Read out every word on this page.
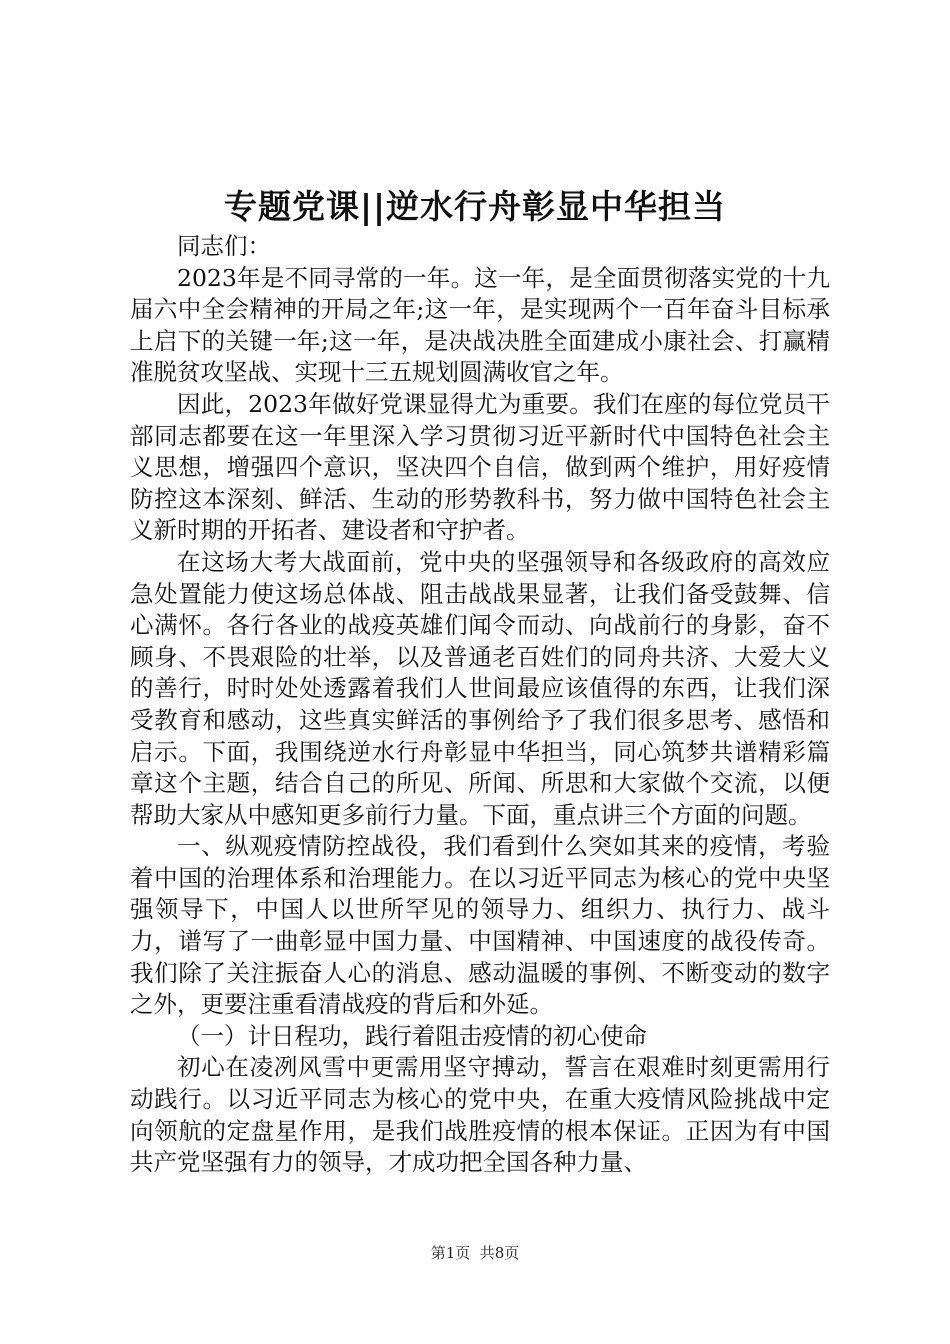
专题党课||逆水行舟彰显中华担当

同志们：

2023年是不同寻常的一年。这一年，是全面贯彻落实党的十九届六中全会精神的开局之年;这一年，是实现两个一百年奋斗目标承上启下的关键一年;这一年，是决战决胜全面建成小康社会、打赢精准脱贫攻坚战、实现十三五规划圆满收官之年。

因此，2023年做好党课显得尤为重要。我们在座的每位党员干部同志都要在这一年里深入学习贯彻习近平新时代中国特色社会主义思想，增强四个意识，坚决四个自信，做到两个维护，用好疫情防控这本深刻、鲜活、生动的形势教科书，努力做中国特色社会主义新时期的开拓者、建设者和守护者。

在这场大考大战面前，党中央的坚强领导和各级政府的高效应急处置能力使这场总体战、阻击战战果显著，让我们备受鼓舞、信心满怀。各行各业的战疫英雄们闻令而动、向战前行的身影，奋不顾身、不畏艰险的壮举，以及普通老百姓们的同舟共济、大爱大义的善行，时时处处透露着我们人世间最应该值得的东西，让我们深受教育和感动，这些真实鲜活的事例给予了我们很多思考、感悟和启示。下面，我围绕逆水行舟彰显中华担当，同心筑梦共谱精彩篇章这个主题，结合自己的所见、所闻、所思和大家做个交流，以便帮助大家从中感知更多前行力量。下面，重点讲三个方面的问题。

一、纵观疫情防控战役，我们看到什么突如其来的疫情，考验着中国的治理体系和治理能力。在以习近平同志为核心的党中央坚强领导下，中国人以世所罕见的领导力、组织力、执行力、战斗力，谱写了一曲彰显中国力量、中国精神、中国速度的战役传奇。我们除了关注振奋人心的消息、感动温暖的事例、不断变动的数字之外，更要注重看清战疫的背后和外延。

（一）计日程功，践行着阻击疫情的初心使命

初心在凌冽风雪中更需用坚守搏动，誓言在艰难时刻更需用行动践行。以习近平同志为核心的党中央，在重大疫情风险挑战中定向领航的定盘星作用，是我们战胜疫情的根本保证。正因为有中国共产党坚强有力的领导，才成功把全国各种力量、

第1页  共8页
